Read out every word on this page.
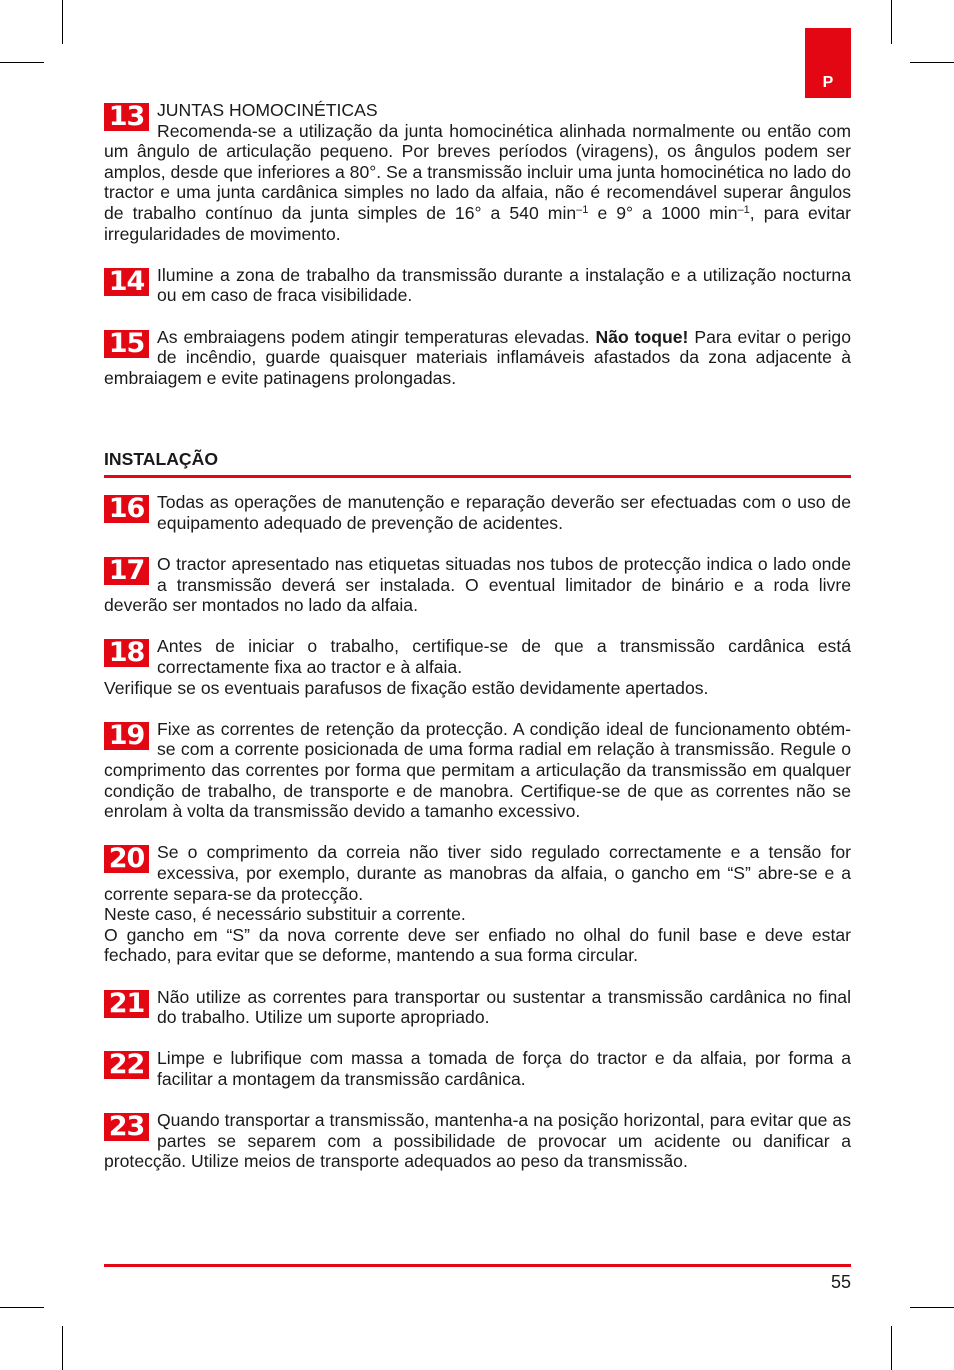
P
13 JUNTAS HOMOCINÉTICAS

Recomenda-se a utilização da junta homocinética alinhada normalmente ou então com um ângulo de articulação pequeno. Por breves períodos (viragens), os ângulos podem ser amplos, desde que inferiores a 80°. Se a transmissão incluir uma junta homocinética no lado do tractor e uma junta cardânica simples no lado da alfaia, não é recomendável superar ângulos de trabalho contínuo da junta simples de 16° a 540 $\min^{-1} e$ 9° a 1000 $\min^{-1}$, para evitar irregularidades de movimento.

14 Ilumine a zona de trabalho da transmissão durante a instalação e a utilização nocturna ou em caso de fraca visibilidade.

15 As embraiagens podem atingir temperaturas elevadas. Não toque! Para evitar o perigo de incêndio, guarde quaisquer materiais inflamáveis afastados da zona adjacente à embraiagem e evite patinagens prolongadas.

INSTALAÇÃO

16 Todas as operações de manutenção e reparação deverão ser efectuadas com o uso de equipamento adequado de prevenção de acidentes.

17 O tractor apresentado nas etiquetas situadas nos tubos de protecção indica o lado onde a transmissão deverá ser instalada. O eventual limitador de binário e a roda livre deverão ser montados no lado da alfaia.

18 Antes de iniciar o trabalho, certifique-se de que a transmissão cardânica está correctamente fixa ao tractor e à alfaia.

Verifique se os eventuais parafusos de fixação estão devidamente apertados.

19 Fixe as correntes de retenção da protecção. A condição ideal de funcionamento obtém-se com a corrente posicionada de uma forma radial em relação à transmissão. Regule o comprimento das correntes por forma que permitam a articulação da transmissão em qualquer condição de trabalho, de transporte e de manobra. Certifique-se de que as correntes não se enrolam à volta da transmissão devido a tamanho excessivo.

20 Se o comprimento da correia não tiver sido regulado correctamente e a tensão for excessiva, por exemplo, durante as manobras da alfaia, o gancho em “S” abre-se e a corrente separa-se da protecção.

Neste caso, é necessário substituir a corrente.

O gancho em “S” da nova corrente deve ser enfiado no olhal do funil base e deve estar fechado, para evitar que se deforme, mantendo a sua forma circular.

21 Não utilize as correntes para transportar ou sustentar a transmissão cardânica no final do trabalho. Utilize um suporte apropriado.

22 Limpe e lubrifique com massa a tomada de força do tractor e da alfaia, por forma a facilitar a montagem da transmissão cardânica.

23 Quando transportar a transmissão, mantenha-a na posição horizontal, para evitar que as partes se separem com a possibilidade de provocar um acidente ou danificar a protecção. Utilize meios de transporte adequados ao peso da transmissão.

55
